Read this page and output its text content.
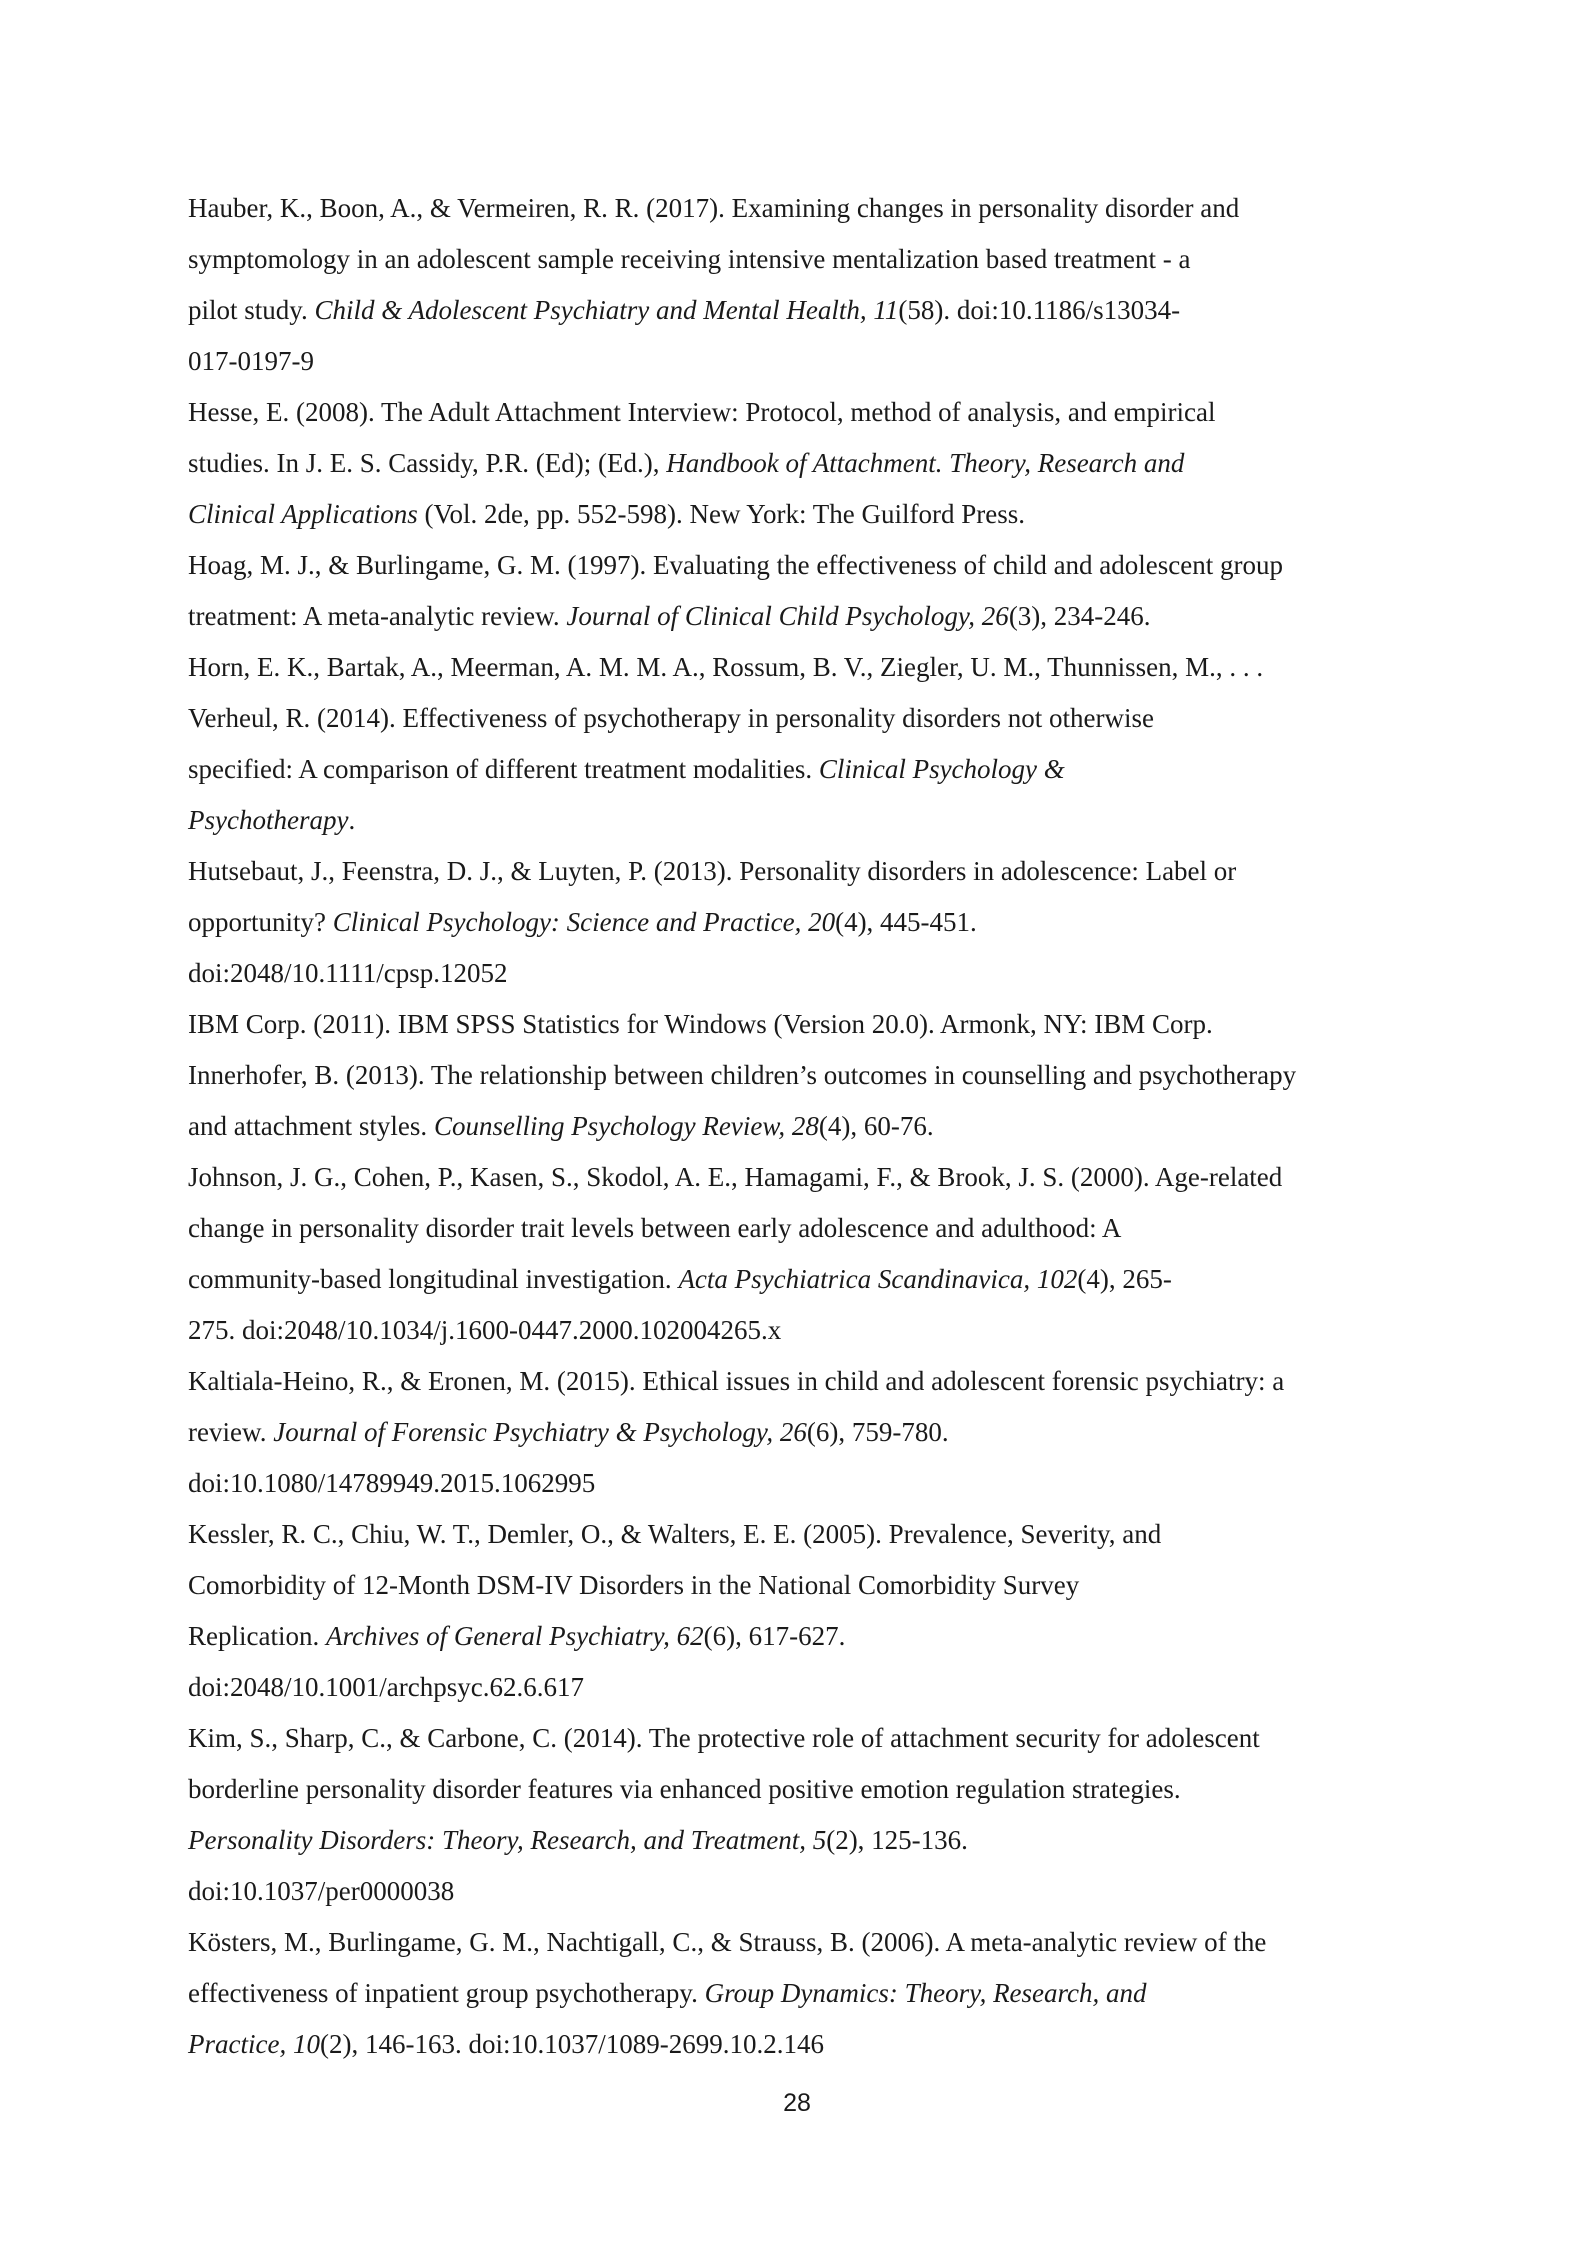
Hauber, K., Boon, A., & Vermeiren, R. R. (2017). Examining changes in personality disorder and
symptomology in an adolescent sample receiving intensive mentalization based treatment - a
pilot study. Child & Adolescent Psychiatry and Mental Health, 11(58). doi:10.1186/s13034-
017-0197-9

Hesse, E. (2008). The Adult Attachment Interview: Protocol, method of analysis, and empirical
studies. In J. E. S. Cassidy, P.R. (Ed); (Ed.), Handbook of Attachment. Theory, Research and
Clinical Applications (Vol. 2de, pp. 552-598). New York: The Guilford Press.

Hoag, M. J., & Burlingame, G. M. (1997). Evaluating the effectiveness of child and adolescent group
treatment: A meta-analytic review. Journal of Clinical Child Psychology, 26(3), 234-246.

Horn, E. K., Bartak, A., Meerman, A. M. M. A., Rossum, B. V., Ziegler, U. M., Thunnissen, M., . . .
Verheul, R. (2014). Effectiveness of psychotherapy in personality disorders not otherwise
specified: A comparison of different treatment modalities. Clinical Psychology &
Psychotherapy.

Hutsebaut, J., Feenstra, D. J., & Luyten, P. (2013). Personality disorders in adolescence: Label or
opportunity? Clinical Psychology: Science and Practice, 20(4), 445-451.
doi:2048/10.1111/cpsp.12052

IBM Corp. (2011). IBM SPSS Statistics for Windows (Version 20.0). Armonk, NY: IBM Corp.

Innerhofer, B. (2013). The relationship between children’s outcomes in counselling and psychotherapy
and attachment styles. Counselling Psychology Review, 28(4), 60-76.

Johnson, J. G., Cohen, P., Kasen, S., Skodol, A. E., Hamagami, F., & Brook, J. S. (2000). Age-related
change in personality disorder trait levels between early adolescence and adulthood: A
community-based longitudinal investigation. Acta Psychiatrica Scandinavica, 102(4), 265-
275. doi:2048/10.1034/j.1600-0447.2000.102004265.x

Kaltiala-Heino, R., & Eronen, M. (2015). Ethical issues in child and adolescent forensic psychiatry: a
review. Journal of Forensic Psychiatry & Psychology, 26(6), 759-780.
doi:10.1080/14789949.2015.1062995

Kessler, R. C., Chiu, W. T., Demler, O., & Walters, E. E. (2005). Prevalence, Severity, and
Comorbidity of 12-Month DSM-IV Disorders in the National Comorbidity Survey
Replication. Archives of General Psychiatry, 62(6), 617-627.
doi:2048/10.1001/archpsyc.62.6.617

Kim, S., Sharp, C., & Carbone, C. (2014). The protective role of attachment security for adolescent
borderline personality disorder features via enhanced positive emotion regulation strategies.
Personality Disorders: Theory, Research, and Treatment, 5(2), 125-136.
doi:10.1037/per0000038

Kösters, M., Burlingame, G. M., Nachtigall, C., & Strauss, B. (2006). A meta-analytic review of the
effectiveness of inpatient group psychotherapy. Group Dynamics: Theory, Research, and
Practice, 10(2), 146-163. doi:10.1037/1089-2699.10.2.146

28
